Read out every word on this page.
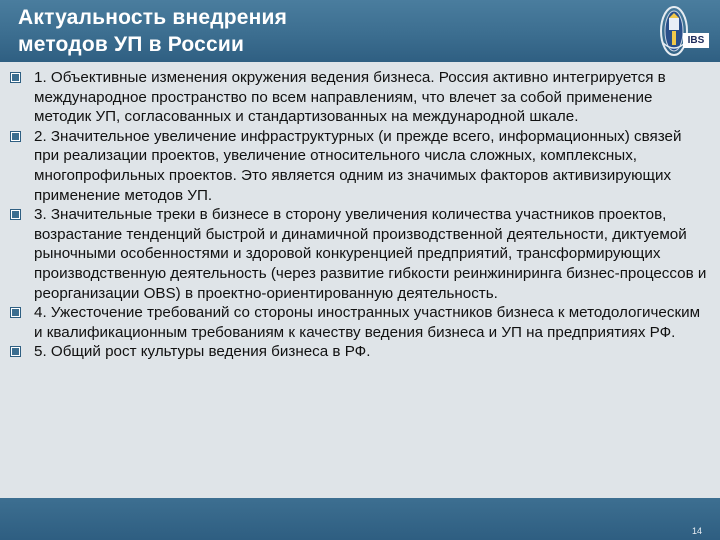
Актуальность внедрения
методов УП в России	IBS
1. Объективные изменения окружения ведения бизнеса. Россия активно интегрируется в международное пространство по всем направлениям, что влечет за собой применение методик УП, согласованных и стандартизованных на международной шкале.
2. Значительное увеличение инфраструктурных (и прежде всего, информационных) связей при реализации проектов, увеличение относительного числа сложных, комплексных, многопрофильных проектов. Это является одним из значимых факторов активизирующих применение методов УП.
3. Значительные треки в бизнесе в сторону увеличения количества участников проектов, возрастание тенденций быстрой и динамичной производственной деятельности, диктуемой рыночными особенностями и здоровой конкуренцией предприятий, трансформирующих производственную деятельность (через развитие гибкости реинжиниринга бизнес-процессов и реорганизации OBS) в проектно-ориентированную деятельность.
4. Ужесточение требований со стороны иностранных участников бизнеса к методологическим и квалификационным требованиям к качеству ведения бизнеса и УП на предприятиях РФ.
5. Общий рост культуры ведения бизнеса в РФ.
14
